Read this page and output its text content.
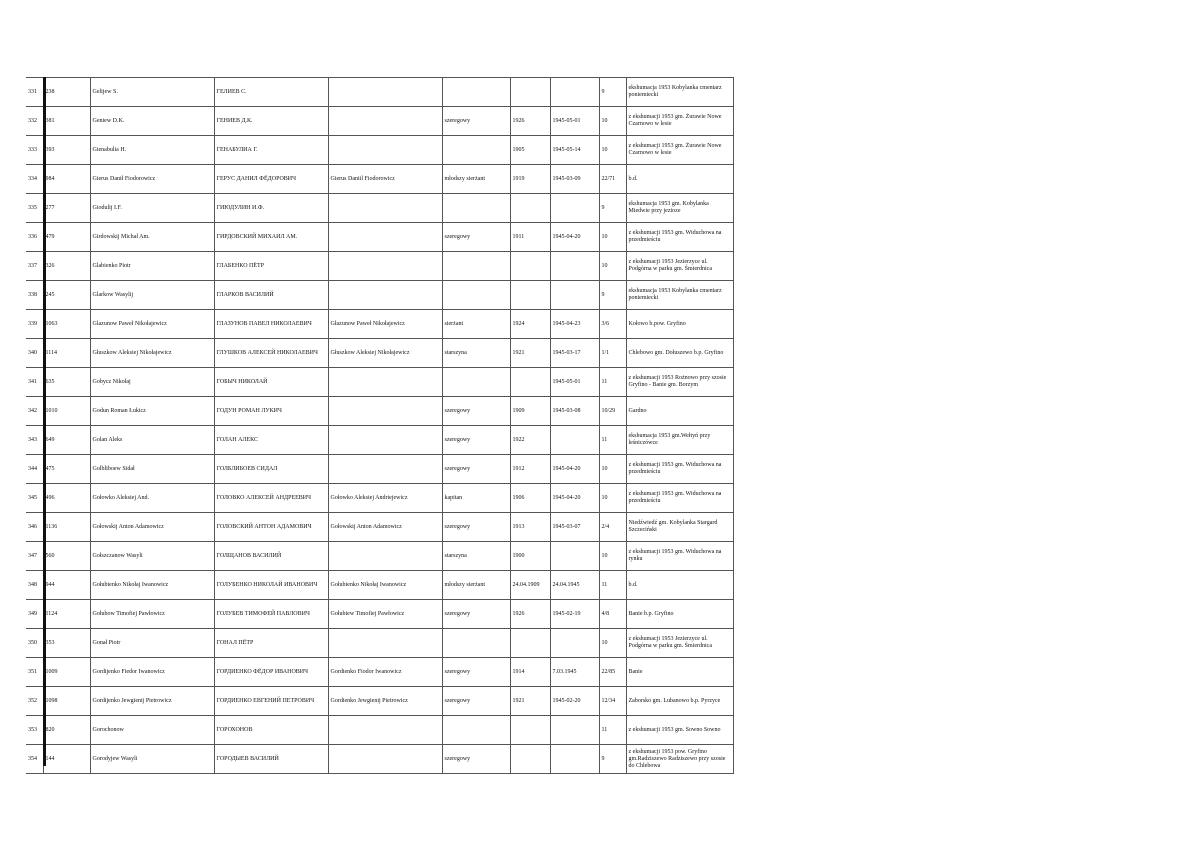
331	238	Gelijew S.	ГЕЛИЕВ С.					9	ekshumacja 1953 Kobylanka cmentarz poniemiecki
332	381	Geniew D.K.	ГЕНИЕВ Д.К.		szeregowy	1926	1945-05-01	10	z ekshumacji 1953 gm. Żurawie Nowe Czarnowo w lesie
333	393	Gienabulia H.	ГЕНАБУЛИА Г.			1905	1945-05-14	10	z ekshumacji 1953 gm. Żurawie Nowe Czarnowo w lesie
334	984	Gierus Danił Fiodorowicz	ГЕРУС ДАНИЛ ФЁДОРОВИЧ	Gierus Daniil Fiodorowicz	młodszy sierżant	1919	1945-03-09	22/71	b.d.
335	277	Giodulij I.F.	ГИЮДУЛИН И.Ф.					9	ekshumacja 1953 gm. Kobylanka Miedwie przy jezioze
336	479	Girdowskij Michał Am.	ГИРДОВСКИЙ МИХАИЛ АМ.		szeregowy	1911	1945-04-20	10	z ekshumacji 1953 gm. Widuchowa na przedmieściu
337	326	Glabienko Piotr	ГЛАБЕНКО ПЁТР					10	z ekshumacji 1953 Jezierzyce ul. Podgórna w parku gm. Śmierdnica
338	245	Glarkow Wasylij	ГЛАРКОВ ВАСИЛИЙ					9	ekshumacja 1953 Kobylanka cmentarz poniemiecki
339	1063	Glazunow Paweł Nikołajewicz	ГЛАЗУНОВ ПАВЕЛ НИКОЛАЕВИЧ	Głazunow Paweł Nikołajewicz	sierżant	1924	1945-04-23	3/6	Kołowo b.pow. Gryfino
340	1114	Głuszkow Aleksiej Nikołajewicz	ГЛУШКОВ АЛЕКСЕЙ НИКОЛАЕВИЧ	Głuszkow Aleksiej Nikołajewicz	starszyna	1921	1945-03-17	1/1	Chlebowo gm. Dołuszewo b.p. Gryfino
341	635	Gobycz Nikołaj	ГОБЫЧ НИКОЛАЙ				1945-05-01	11	z ekshumacji 1953 Rożnowo przy szosie Gryfino - Banie gm. Borzym
342	1010	Godun Roman Łukicz	ГОДУН РОМАН ЛУКИЧ		szeregowy	1909	1945-03-08	10/29	Gardno
343	649	Golan Aleks	ГОЛАН АЛЕКС		szeregowy	1922		11	ekshumacja 1953 gm.Wełtyń przy leśniczówce
344	475	Golbliboew Sidał	ГОЛБЛИБОЕВ СИДАЛ		szeregowy	1912	1945-04-20	10	z ekshumacji 1953 gm. Widuchowa na przedmieściu
345	496	Gołowko Aleksiej And.	ГОЛОВКО АЛЕКСЕЙ АНДРЕЕВИЧ	Gołowko Aleksiej Andriejewicz	kapitan	1906	1945-04-20	10	z ekshumacji 1953 gm. Widuchowa na przedmieściu
346	1136	Gołowskij Anton Adamowicz	ГОЛОВСКИЙ АНТОН АДАМОВИЧ	Gołowskij Anton Adamowicz	szeregowy	1913	1945-03-07	2/4	Niedźwiedź gm. Kobylanka Stargard Szczeciński
347	560	Gołszczanow Wasyli	ГОЛЩАНОВ ВАСИЛИЙ		starszyna	1900		10	z ekshumacji 1953 gm. Widuchowa na rynku
348	944	Gołubienko Nikołaj Iwanowicz	ГОЛУБЕНКО НИКОЛАЙ ИВАНОВИЧ	Gołubienko Nikołaj Iwanowicz	młodszy sierżant	24.04.1909	24.04.1945	11	b.d.
349	1124	Gołubow Timofiej Pawłowicz	ГОЛУБЕВ ТИМОФЕЙ ПАВЛОВИЧ	Gołubiew Timofiej Pawłowicz	szeregowy	1926	1945-02-19	4/8	Banie b.p. Gryfino
350	353	Gonał Piotr	ГОНАЛ ПЁТР					10	z ekshumacji 1953 Jezierzyce ul. Podgórna w parku gm. Śmierdnica
351	1009	Gordijenko Fiedor Iwanowicz	ГОРДИЕНКО ФЁДОР ИВАНОВИЧ	Gordienko Fiodor Iwanowicz	szeregowy	1914	7.03.1945	22/85	Banie
352	1098	Gordijenko Jewgienij Pietrowicz	ГОРДИЕНКО ЕВГЕНИЙ ПЕТРОВИЧ	Gordienko Jewgienij Pietrowicz	szeregowy	1921	1945-02-20	12/34	Zaborsko gm. Lubanowo b.p. Pyrzyce
353	820	Gorochonow	ГОРОХОНОВ					11	z ekshumacji 1953 gm. Sowno Sowno
354	144	Gorodyjew Wasyli	ГОРОДЫЕВ ВАСИЛИЙ		szeregowy			9	z ekshumacji 1953 pow. Gryfino gm.Radziszewo Radziszewo przy szosie do Chlebowa
